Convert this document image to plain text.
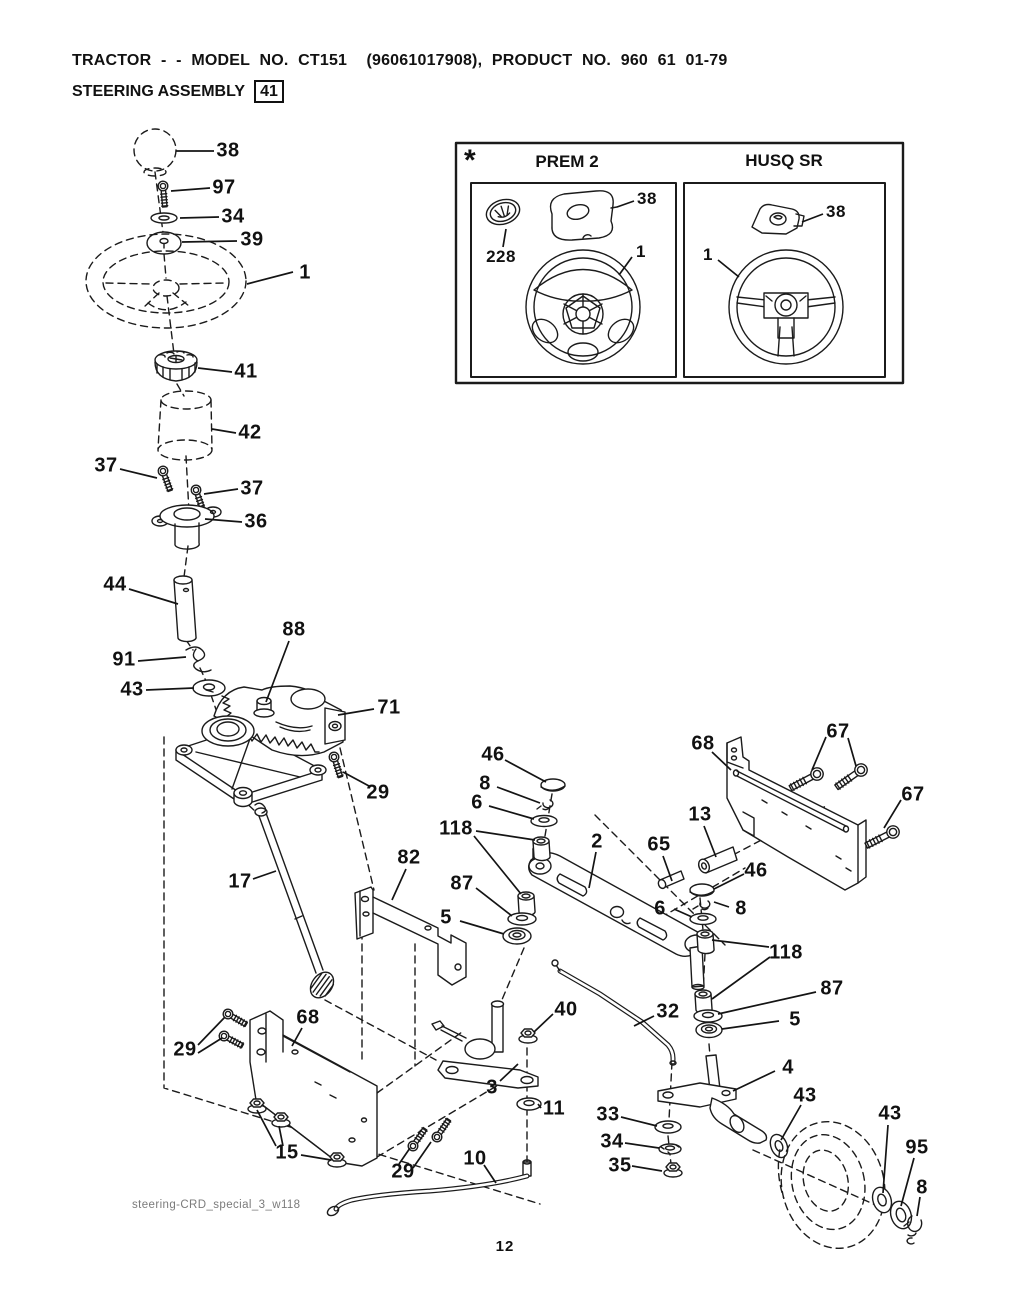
TRACTOR - - MODEL NO. CT151  (96061017908), PRODUCT NO. 960 61 01-79
STEERING ASSEMBLY 41
*	PREM 2	HUSQ SR
38
97
34
39
1
41
42
37
37
36
44
91
43
88
71
29
17
82
46
8
6
118
2
87
5
65
13
46
6	8
68
67
67
118
87
5
40	32
3
11
68
29
15
29
10
33
34
35
4
43
43
95
8
38
228	1
38
1
steering-CRD_special_3_w118
12
